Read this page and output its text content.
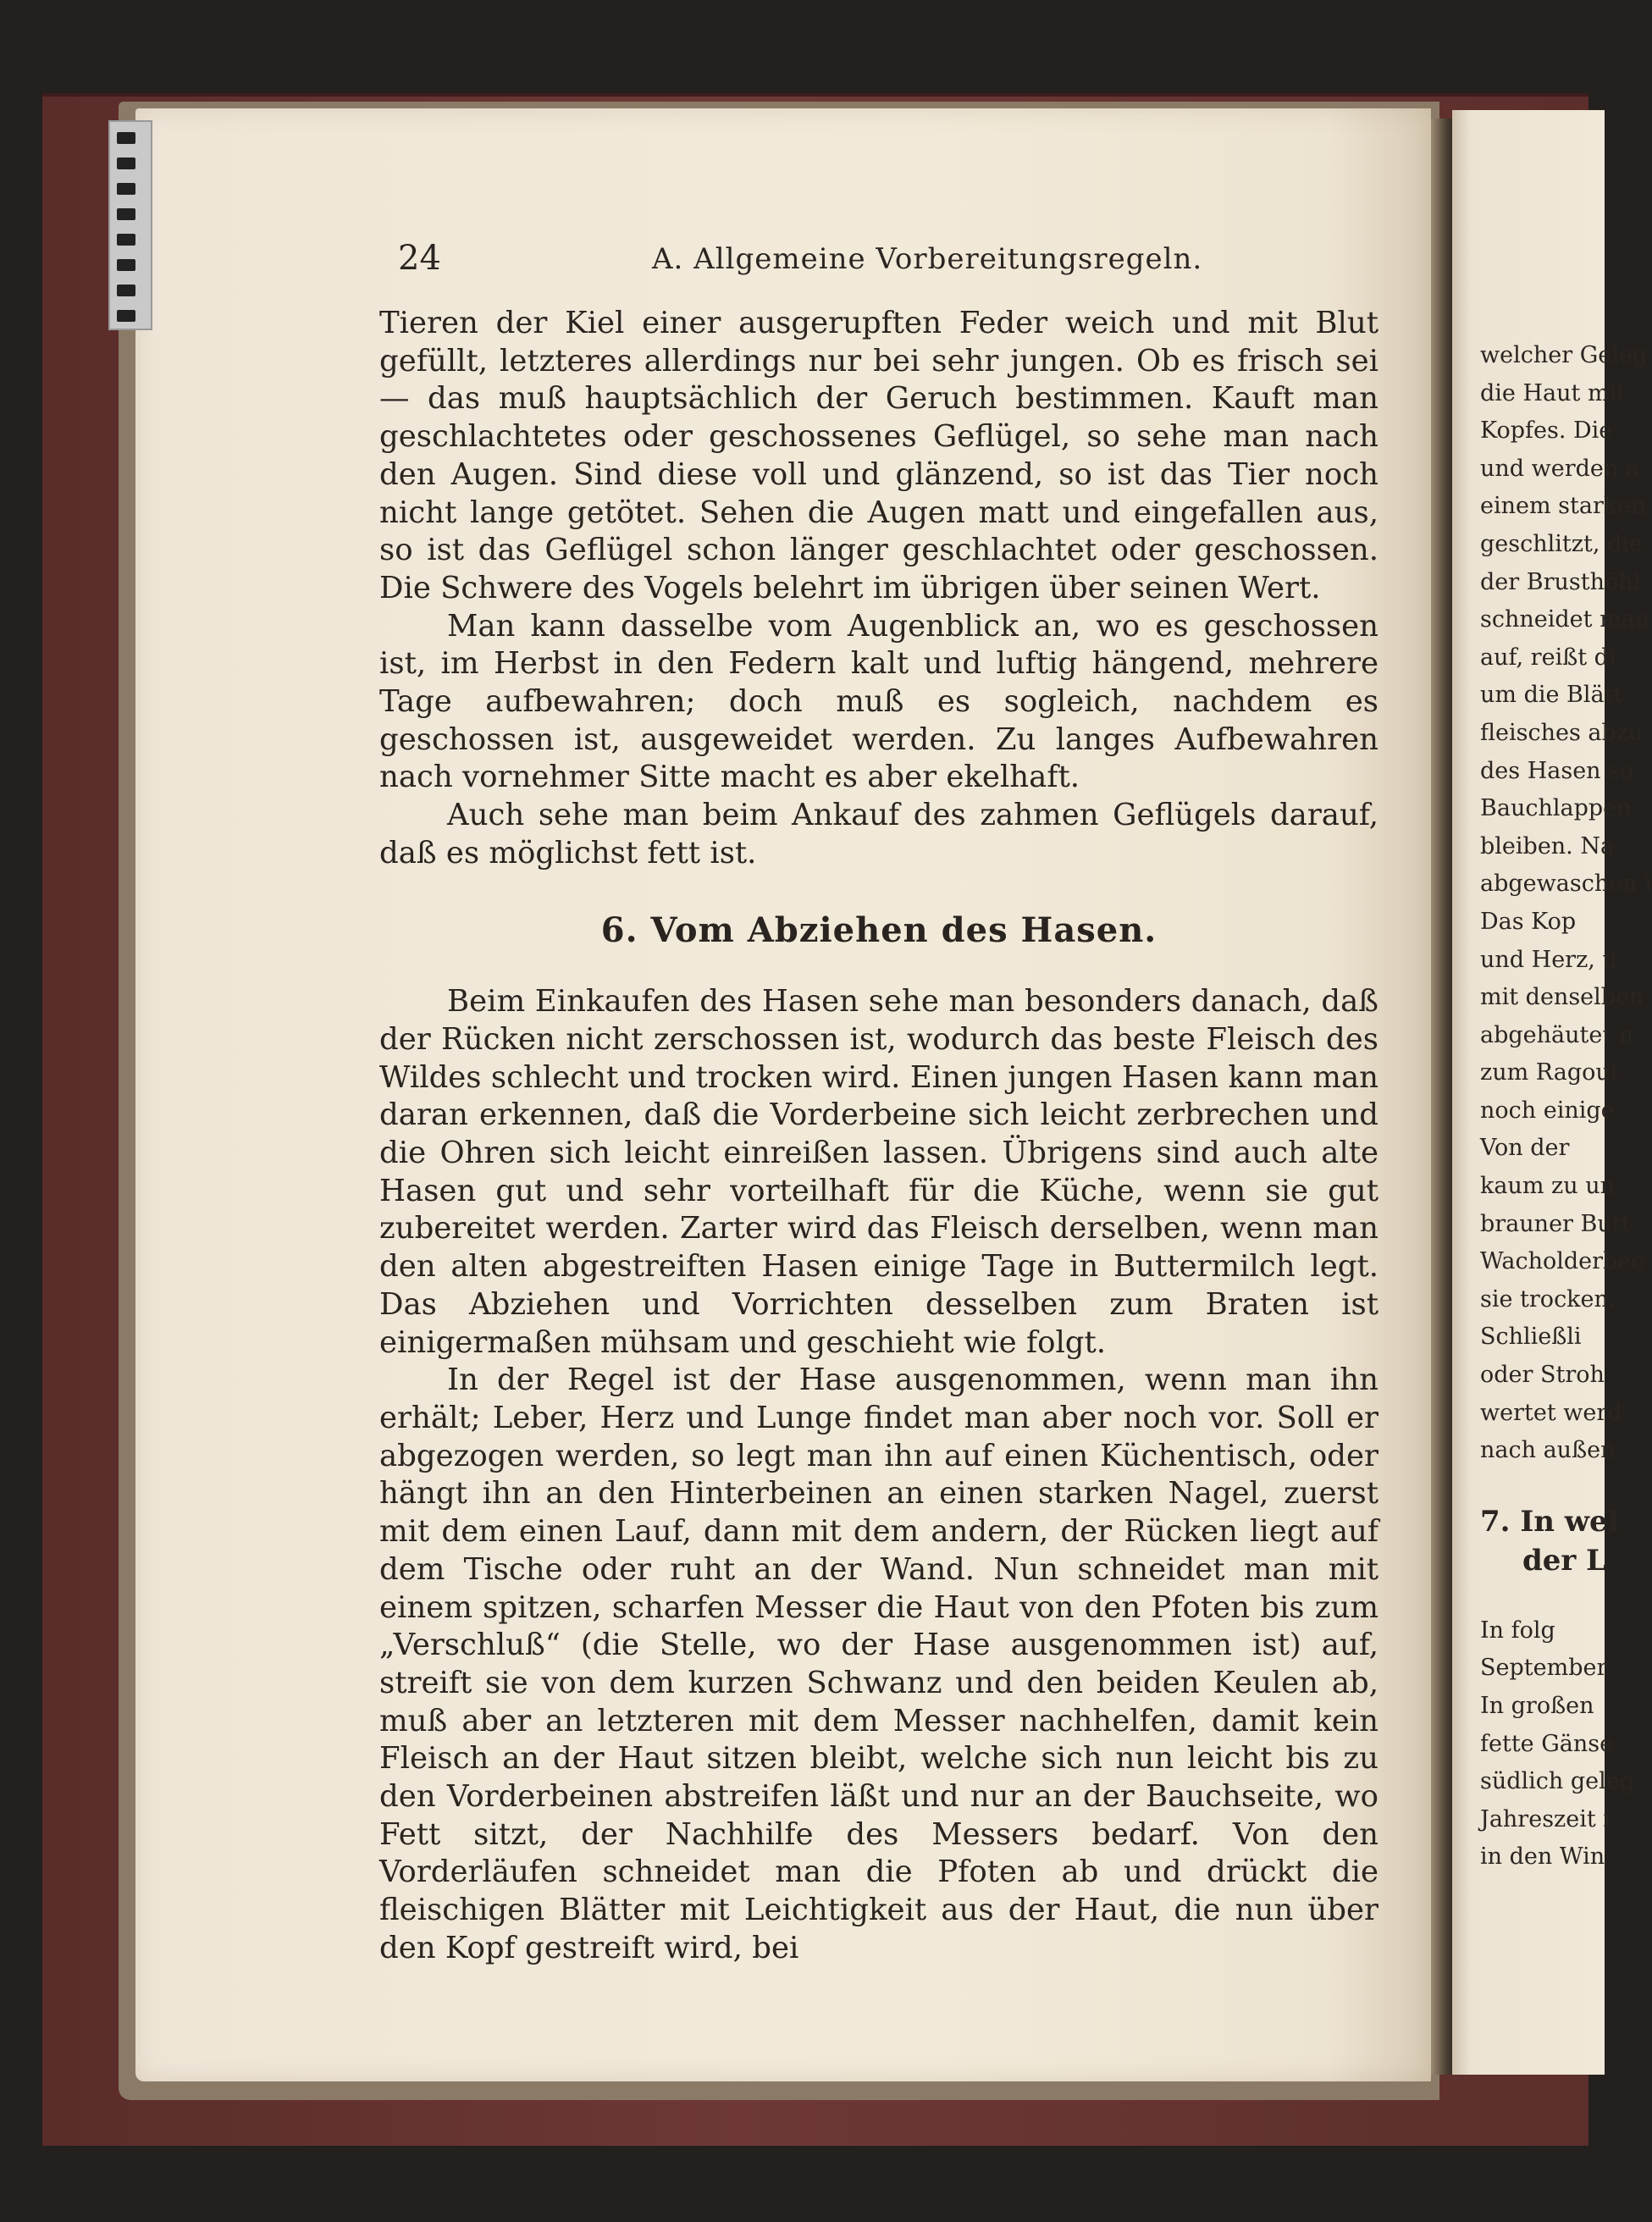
24	A. Allgemeine Vorbereitungsregeln.

Tieren der Kiel einer ausgerupften Feder weich und mit Blut gefüllt, letzteres allerdings nur bei sehr jungen. Ob es frisch sei — das muß hauptsächlich der Geruch bestimmen. Kauft man geschlachtetes oder geschossenes Geflügel, so sehe man nach den Augen. Sind diese voll und glänzend, so ist das Tier noch nicht lange getötet. Sehen die Augen matt und eingefallen aus, so ist das Geflügel schon länger geschlachtet oder geschossen. Die Schwere des Vogels belehrt im übrigen über seinen Wert.

Man kann dasselbe vom Augenblick an, wo es geschossen ist, im Herbst in den Federn kalt und luftig hängend, mehrere Tage aufbewahren; doch muß es sogleich, nachdem es geschossen ist, ausgeweidet werden. Zu langes Aufbewahren nach vornehmer Sitte macht es aber ekelhaft.

Auch sehe man beim Ankauf des zahmen Geflügels darauf, daß es möglichst fett ist.

6. Vom Abziehen des Hasen.

Beim Einkaufen des Hasen sehe man besonders danach, daß der Rücken nicht zerschossen ist, wodurch das beste Fleisch des Wildes schlecht und trocken wird. Einen jungen Hasen kann man daran erkennen, daß die Vorderbeine sich leicht zerbrechen und die Ohren sich leicht einreißen lassen. Übrigens sind auch alte Hasen gut und sehr vorteilhaft für die Küche, wenn sie gut zubereitet werden. Zarter wird das Fleisch derselben, wenn man den alten abgestreiften Hasen einige Tage in Buttermilch legt. Das Abziehen und Vorrichten desselben zum Braten ist einigermaßen mühsam und geschieht wie folgt.

In der Regel ist der Hase ausgenommen, wenn man ihn erhält; Leber, Herz und Lunge findet man aber noch vor. Soll er abgezogen werden, so legt man ihn auf einen Küchentisch, oder hängt ihn an den Hinterbeinen an einen starken Nagel, zuerst mit dem einen Lauf, dann mit dem andern, der Rücken liegt auf dem Tische oder ruht an der Wand. Nun schneidet man mit einem spitzen, scharfen Messer die Haut von den Pfoten bis zum „Verschluß“ (die Stelle, wo der Hase ausgenommen ist) auf, streift sie von dem kurzen Schwanz und den beiden Keulen ab, muß aber an letzteren mit dem Messer nachhelfen, damit kein Fleisch an der Haut sitzen bleibt, welche sich nun leicht bis zu den Vorderbeinen abstreifen läßt und nur an der Bauchseite, wo Fett sitzt, der Nachhilfe des Messers bedarf. Von den Vorderläufen schneidet man die Pfoten ab und drückt die fleischigen Blätter mit Leichtigkeit aus der Haut, die nun über den Kopf gestreift wird, bei

welcher Geleg
die Haut mit
Kopfes. Die
und werden a
einem starken
geschlitzt, die
der Brusthöhl
schneidet man
auf, reißt di
um die Blätt
fleisches abzu
des Hasen so
Bauchlappen
bleiben. Na
abgewaschen i
Das Kop
und Herz, u
mit denselben
abgehäutet n
zum Ragout
noch einige
Von der
kaum zu un
brauner Butt
Wacholderbee
sie trocken.
Schließli
oder Stroh
wertet werd
nach außen
7. In wel
der L
In folg
September
In großen
fette Gänse
südlich geleg
Jahreszeit i
in den Win
